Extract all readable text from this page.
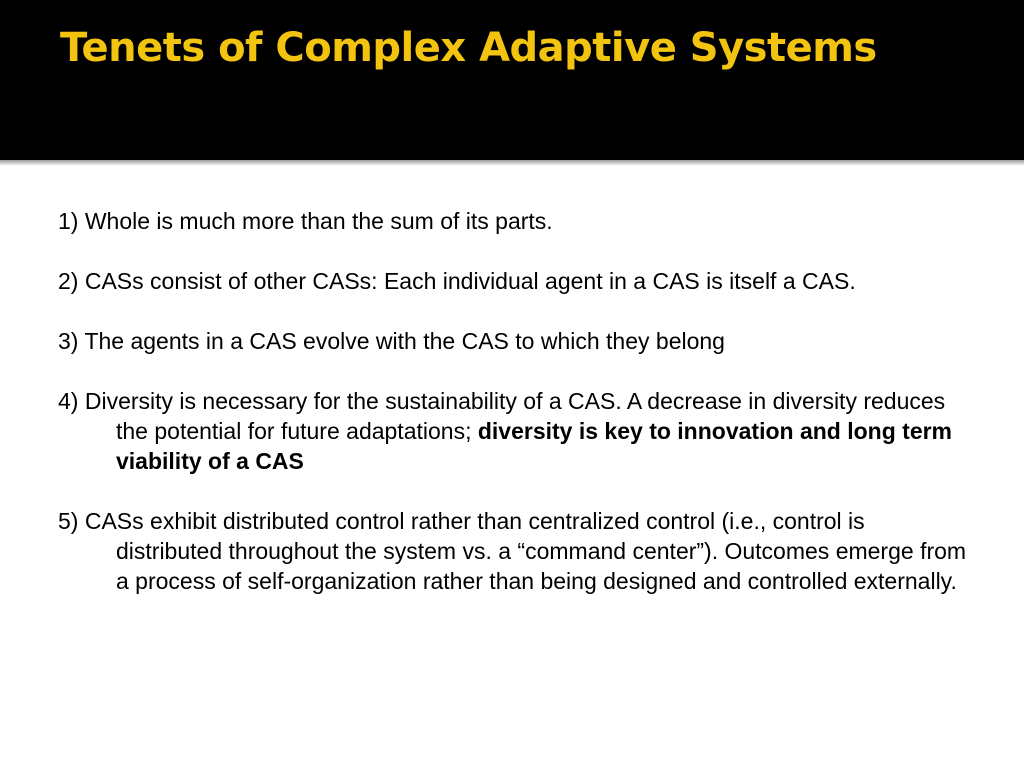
Tenets of Complex Adaptive Systems

1) Whole is much more than the sum of its parts.

2) CASs consist of other CASs: Each individual agent in a CAS is itself a CAS.

3) The agents in a CAS evolve with the CAS to which they belong

4) Diversity is necessary for the sustainability of a CAS. A decrease in diversity reduces the potential for future adaptations; diversity is key to innovation and long term viability of a CAS

5) CASs exhibit distributed control rather than centralized control (i.e., control is distributed throughout the system vs. a “command center”). Outcomes emerge from a process of self-organization rather than being designed and controlled externally.
